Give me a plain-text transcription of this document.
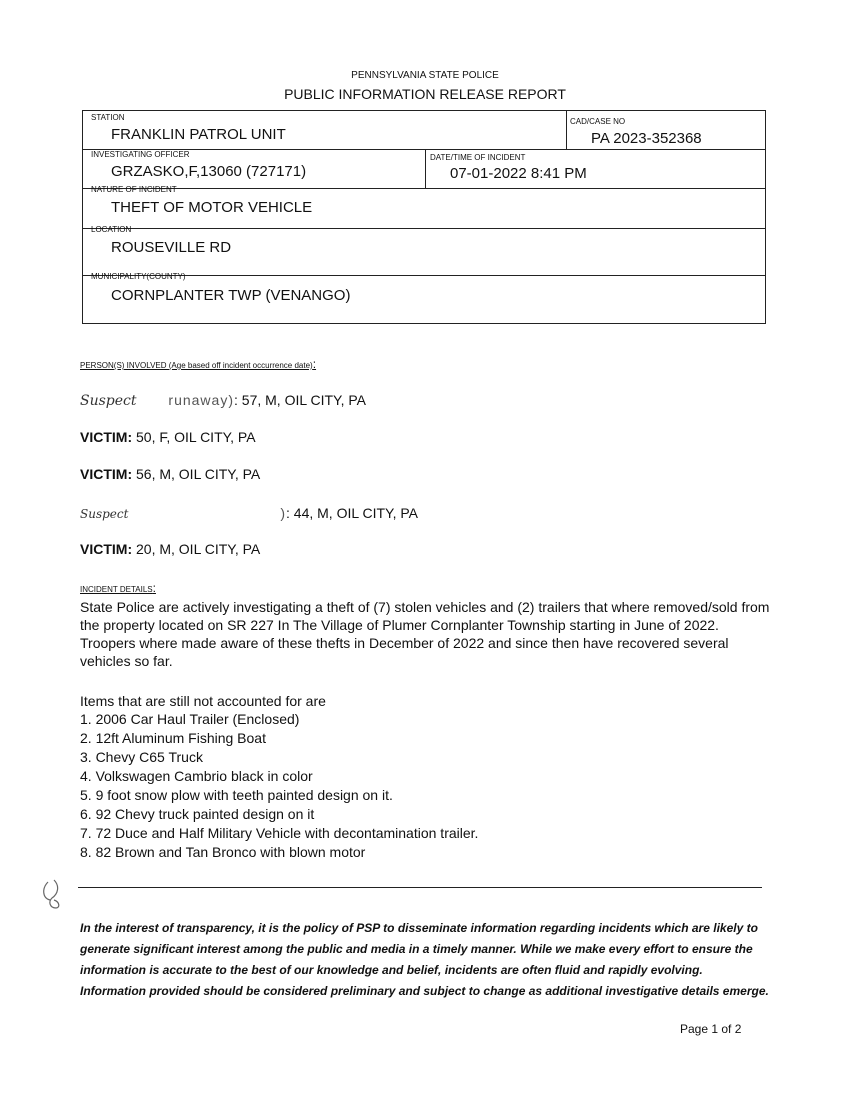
PENNSYLVANIA STATE POLICE
PUBLIC INFORMATION RELEASE REPORT
STATION
FRANKLIN PATROL UNIT
CAD/CASE NO
PA 2023-352368
INVESTIGATING OFFICER
GRZASKO,F,13060 (727171)
DATE/TIME OF INCIDENT
07-01-2022 8:41 PM
NATURE OF INCIDENT
THEFT OF MOTOR VEHICLE
LOCATION
ROUSEVILLE RD
MUNICIPALITY(COUNTY)
CORNPLANTER TWP (VENANGO)
PERSON(S) INVOLVED (Age based off incident occurrence date):
Suspect runaway): 57, M, OIL CITY, PA
VICTIM: 50, F, OIL CITY, PA
VICTIM: 56, M, OIL CITY, PA
Suspect	): 44, M, OIL CITY, PA
VICTIM: 20, M, OIL CITY, PA
INCIDENT DETAILS:
State Police are actively investigating a theft of (7) stolen vehicles and (2) trailers that where removed/sold from the property located on SR 227 In The Village of Plumer Cornplanter Township starting in June of 2022. Troopers where made aware of these thefts in December of 2022 and since then have recovered several vehicles so far.
Items that are still not accounted for are
1. 2006 Car Haul Trailer (Enclosed)
2. 12ft Aluminum Fishing Boat
3. Chevy C65 Truck
4. Volkswagen Cambrio black in color
5. 9 foot snow plow with teeth painted design on it.
6. 92 Chevy truck painted design on it
7. 72 Duce and Half Military Vehicle with decontamination trailer.
8. 82 Brown and Tan Bronco with blown motor
In the interest of transparency, it is the policy of PSP to disseminate information regarding incidents which are likely to generate significant interest among the public and media in a timely manner. While we make every effort to ensure the information is accurate to the best of our knowledge and belief, incidents are often fluid and rapidly evolving. Information provided should be considered preliminary and subject to change as additional investigative details emerge.
Page 1 of 2
